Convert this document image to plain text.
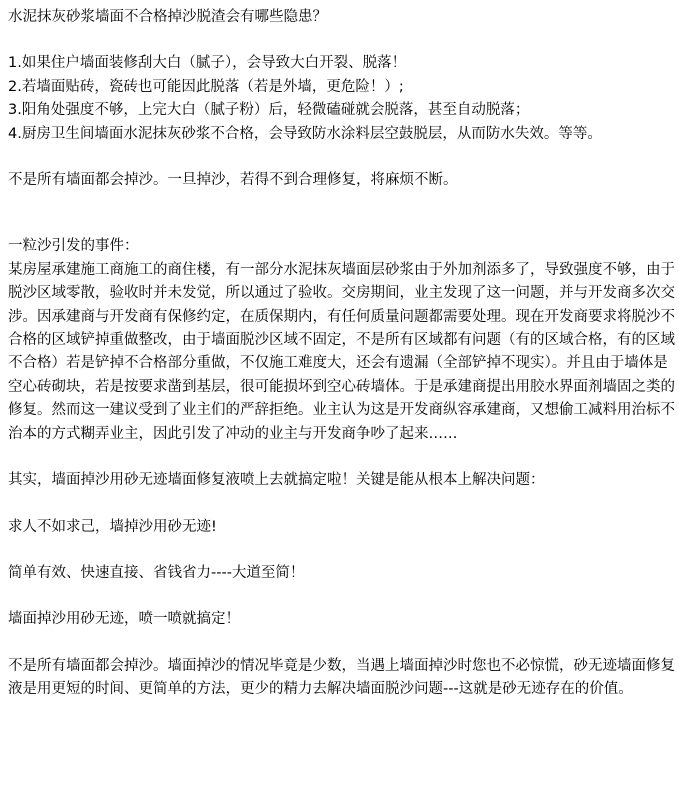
水泥抹灰砂浆墙面不合格掉沙脱渣会有哪些隐患？

1.如果住户墙面装修刮大白（腻子），会导致大白开裂、脱落！

2.若墙面贴砖，瓷砖也可能因此脱落（若是外墙，更危险！）;

3.阳角处强度不够，上完大白（腻子粉）后，轻微磕碰就会脱落，甚至自动脱落；

4.厨房卫生间墙面水泥抹灰砂浆不合格，会导致防水涂料层空鼓脱层，从而防水失效。等等。

不是所有墙面都会掉沙。一旦掉沙，若得不到合理修复，将麻烦不断。

一粒沙引发的事件：

某房屋承建施工商施工的商住楼，有一部分水泥抹灰墙面层砂浆由于外加剂添多了，导致强度不够，由于脱沙区域零散，验收时并未发觉，所以通过了验收。交房期间，业主发现了这一问题，并与开发商多次交涉。因承建商与开发商有保修约定，在质保期内，有任何质量问题都需要处理。现在开发商要求将脱沙不合格的区域铲掉重做整改，由于墙面脱沙区域不固定，不是所有区域都有问题（有的区域合格，有的区域不合格）若是铲掉不合格部分重做，不仅施工难度大，还会有遗漏（全部铲掉不现实）。并且由于墙体是空心砖砌块，若是按要求凿到基层，很可能损坏到空心砖墙体。于是承建商提出用胶水界面剂墙固之类的修复。然而这一建议受到了业主们的严辞拒绝。业主认为这是开发商纵容承建商，又想偷工减料用治标不治本的方式糊弄业主，因此引发了冲动的业主与开发商争吵了起来……

其实，墙面掉沙用砂无迹墙面修复液喷上去就搞定啦！关键是能从根本上解决问题：

求人不如求己，墙掉沙用砂无迹!

简单有效、快速直接、省钱省力----大道至简！

墙面掉沙用砂无迹，喷一喷就搞定！

不是所有墙面都会掉沙。墙面掉沙的情况毕竟是少数，当遇上墙面掉沙时您也不必惊慌，砂无迹墙面修复液是用更短的时间、更简单的方法，更少的精力去解决墙面脱沙问题---这就是砂无迹存在的价值。
